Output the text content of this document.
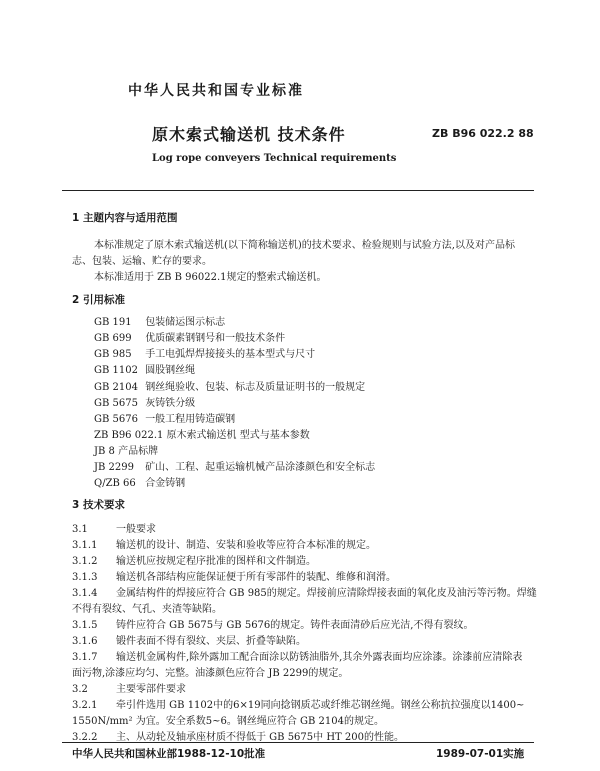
中华人民共和国专业标准
原木索式输送机 技术条件	ZB B96 022.2 88
Log rope conveyers Technical requirements
1 主题内容与适用范围
本标准规定了原木索式输送机(以下简称输送机)的技术要求、检验规则与试验方法,以及对产品标
志、包装、运输、贮存的要求。
本标准适用于 ZB B 96022.1规定的整索式输送机。
2 引用标准
GB 191 包装储运图示标志
GB 699 优质碳素钢钢号和一般技术条件
GB 985 手工电弧焊焊接接头的基本型式与尺寸
GB 1102 圆股钢丝绳
GB 2104 钢丝绳验收、包装、标志及质量证明书的一般规定
GB 5675 灰铸铁分级
GB 5676 一般工程用铸造碳钢
ZB B96 022.1 原木索式输送机 型式与基本参数
JB 8 产品标牌
JB 2299 矿山、工程、起重运输机械产品涂漆颜色和安全标志
Q/ZB 66 合金铸钢
3 技术要求
3.1	一般要求
3.1.1 输送机的设计、制造、安装和验收等应符合本标准的规定。
3.1.2 输送机应按规定程序批准的图样和文件制造。
3.1.3 输送机各部结构应能保证便于所有零部件的装配、维修和润滑。
3.1.4 金属结构件的焊接应符合 GB 985的规定。焊接前应清除焊接表面的氧化皮及油污等污物。焊缝
不得有裂纹、气孔、夹渣等缺陷。
3.1.5 铸件应符合 GB 5675与 GB 5676的规定。铸件表面清砂后应光洁,不得有裂纹。
3.1.6 锻件表面不得有裂纹、夹层、折叠等缺陷。
3.1.7 输送机金属构件,除外露加工配合面涂以防锈油脂外,其余外露表面均应涂漆。涂漆前应清除表
面污物,涂漆应均匀、完整。油漆颜色应符合 JB 2299的规定。
3.2	主要零部件要求
3.2.1 牵引件选用 GB 1102中的6×19同向捻钢质芯或纤维芯钢丝绳。钢丝公称抗拉强度以1400~
1550N/mm² 为宜。安全系数5~6。钢丝绳应符合 GB 2104的规定。
3.2.2 主、从动轮及轴承座材质不得低于 GB 5675中 HT 200的性能。
中华人民共和国林业部1988-12-10批准	1989-07-01实施
